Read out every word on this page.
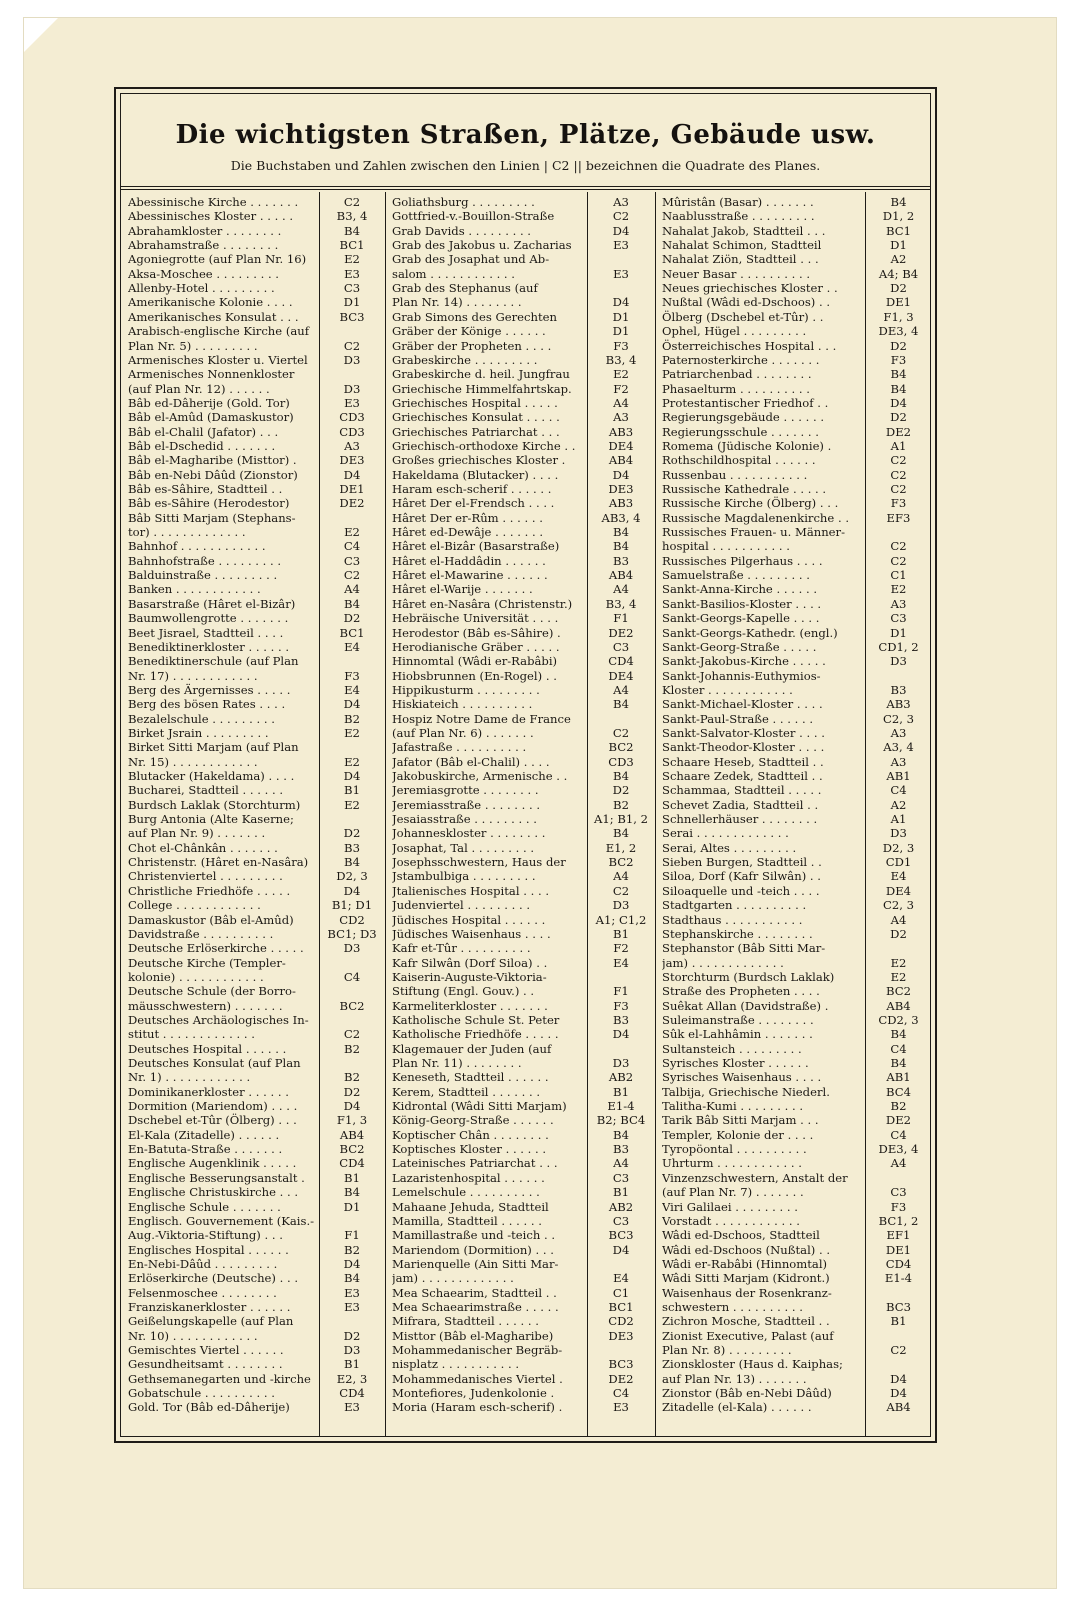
Die wichtigsten Straßen, Plätze, Gebäude usw.
Die Buchstaben und Zahlen zwischen den Linien | C2 || bezeichnen die Quadrate des Planes.
Abessinische Kirche . . . . . . .	C2
Abessinisches Kloster . . . . .	B3, 4
Abrahamkloster . . . . . . . .	B4
Abrahamstraße . . . . . . . .	BC1
Agoniegrotte (auf Plan Nr. 16)	E2
Aksa-Moschee . . . . . . . . .	E3
Allenby-Hotel . . . . . . . . .	C3
Amerikanische Kolonie . . . .	D1
Amerikanisches Konsulat . . .	BC3
Arabisch-englische Kirche (auf
Plan Nr. 5) . . . . . . . . .	C2
Armenisches Kloster u. Viertel	D3
Armenisches Nonnenkloster
(auf Plan Nr. 12) . . . . . .	D3
Bâb ed-Dâherije (Gold. Tor)	E3
Bâb el-Amûd (Damaskustor)	CD3
Bâb el-Chalil (Jafator) . . .	CD3
Bâb el-Dschedid . . . . . . .	A3
Bâb el-Magharibe (Misttor) .	DE3
Bâb en-Nebi Dâûd (Zionstor)	D4
Bâb es-Sâhire, Stadtteil . .	DE1
Bâb es-Sâhire (Herodestor)	DE2
Bâb Sitti Marjam (Stephans-
tor) . . . . . . . . . . . . .	E2
Bahnhof . . . . . . . . . . . .	C4
Bahnhofstraße . . . . . . . . .	C3
Balduinstraße . . . . . . . . .	C2
Banken . . . . . . . . . . . .	A4
Basarstraße (Hâret el-Bizâr)	B4
Baumwollengrotte . . . . . . .	D2
Beet Jisrael, Stadtteil . . . .	BC1
Benediktinerkloster . . . . . .	E4
Benediktinerschule (auf Plan
Nr. 17) . . . . . . . . . . . .	F3
Berg des Ärgernisses . . . . .	E4
Berg des bösen Rates . . . .	D4
Bezalelschule . . . . . . . . .	B2
Birket Jsrain . . . . . . . . .	E2
Birket Sitti Marjam (auf Plan
Nr. 15) . . . . . . . . . . . .	E2
Blutacker (Hakeldama) . . . .	D4
Bucharei, Stadtteil . . . . . .	B1
Burdsch Laklak (Storchturm)	E2
Burg Antonia (Alte Kaserne;
auf Plan Nr. 9) . . . . . . .	D2
Chot el-Chânkân . . . . . . .	B3
Christenstr. (Hâret en-Nasâra)	B4
Christenviertel . . . . . . . . .	D2, 3
Christliche Friedhöfe . . . . .	D4
College . . . . . . . . . . . .	B1; D1
Damaskustor (Bâb el-Amûd)	CD2
Davidstraße . . . . . . . . . .	BC1; D3
Deutsche Erlöserkirche . . . . .	D3
Deutsche Kirche (Templer-
kolonie) . . . . . . . . . . . .	C4
Deutsche Schule (der Borro-
mäusschwestern) . . . . . . .	BC2
Deutsches Archäologisches In-
stitut . . . . . . . . . . . . .	C2
Deutsches Hospital . . . . . .	B2
Deutsches Konsulat (auf Plan
Nr. 1) . . . . . . . . . . . .	B2
Dominikanerkloster . . . . . .	D2
Dormition (Mariendom) . . . .	D4
Dschebel et-Tûr (Ölberg) . . .	F1, 3
El-Kala (Zitadelle) . . . . . .	AB4
En-Batuta-Straße . . . . . . .	BC2
Englische Augenklinik . . . . .	CD4
Englische Besserungsanstalt .	B1
Englische Christuskirche . . .	B4
Englische Schule . . . . . . .	D1
Englisch. Gouvernement (Kais.-
Aug.-Viktoria-Stiftung) . . .	F1
Englisches Hospital . . . . . .	B2
En-Nebi-Dâûd . . . . . . . . .	D4
Erlöserkirche (Deutsche) . . .	B4
Felsenmoschee . . . . . . . .	E3
Franziskanerkloster . . . . . .	E3
Geißelungskapelle (auf Plan
Nr. 10) . . . . . . . . . . . .	D2
Gemischtes Viertel . . . . . .	D3
Gesundheitsamt . . . . . . . .	B1
Gethsemanegarten und -kirche	E2, 3
Gobatschule . . . . . . . . . .	CD4
Gold. Tor (Bâb ed-Dâherije)	E3
Goliathsburg . . . . . . . . .	A3
Gottfried-v.-Bouillon-Straße	C2
Grab Davids . . . . . . . . .	D4
Grab des Jakobus u. Zacharias	E3
Grab des Josaphat und Ab-
salom . . . . . . . . . . . .	E3
Grab des Stephanus (auf
Plan Nr. 14) . . . . . . . .	D4
Grab Simons des Gerechten	D1
Gräber der Könige . . . . . .	D1
Gräber der Propheten . . . .	F3
Grabeskirche . . . . . . . . .	B3, 4
Grabeskirche d. heil. Jungfrau	E2
Griechische Himmelfahrtskap.	F2
Griechisches Hospital . . . . .	A4
Griechisches Konsulat . . . . .	A3
Griechisches Patriarchat . . .	AB3
Griechisch-orthodoxe Kirche . .	DE4
Großes griechisches Kloster .	AB4
Hakeldama (Blutacker) . . . .	D4
Haram esch-scherif . . . . . .	DE3
Hâret Der el-Frendsch . . . .	AB3
Hâret Der er-Rûm . . . . . .	AB3, 4
Hâret ed-Dewâje . . . . . . .	B4
Hâret el-Bizâr (Basarstraße)	B4
Hâret el-Haddâdin . . . . . .	B3
Hâret el-Mawarine . . . . . .	AB4
Hâret el-Warije . . . . . . .	A4
Hâret en-Nasâra (Christenstr.)	B3, 4
Hebräische Universität . . . .	F1
Herodestor (Bâb es-Sâhire) .	DE2
Herodianische Gräber . . . . .	C3
Hinnomtal (Wâdi er-Rabâbi)	CD4
Hiobsbrunnen (En-Rogel) . .	DE4
Hippikusturm . . . . . . . . .	A4
Hiskiateich . . . . . . . . . .	B4
Hospiz Notre Dame de France
(auf Plan Nr. 6) . . . . . . .	C2
Jafastraße . . . . . . . . . .	BC2
Jafator (Bâb el-Chalil) . . . .	CD3
Jakobuskirche, Armenische . .	B4
Jeremiasgrotte . . . . . . . .	D2
Jeremiasstraße . . . . . . . .	B2
Jesaiasstraße . . . . . . . . .	A1; B1, 2
Johanneskloster . . . . . . . .	B4
Josaphat, Tal . . . . . . . . .	E1, 2
Josephsschwestern, Haus der	BC2
Jstambulbiga . . . . . . . . .	A4
Jtalienisches Hospital . . . .	C2
Judenviertel . . . . . . . . .	D3
Jüdisches Hospital . . . . . .	A1; C1,2
Jüdisches Waisenhaus . . . .	B1
Kafr et-Tûr . . . . . . . . . .	F2
Kafr Silwân (Dorf Siloa) . .	E4
Kaiserin-Auguste-Viktoria-
Stiftung (Engl. Gouv.) . .	F1
Karmeliterkloster . . . . . . .	F3
Katholische Schule St. Peter	B3
Katholische Friedhöfe . . . . .	D4
Klagemauer der Juden (auf
Plan Nr. 11) . . . . . . . .	D3
Keneseth, Stadtteil . . . . . .	AB2
Kerem, Stadtteil . . . . . . .	B1
Kidrontal (Wâdi Sitti Marjam)	E1-4
König-Georg-Straße . . . . . .	B2; BC4
Koptischer Chân . . . . . . . .	B4
Koptisches Kloster . . . . . .	B3
Lateinisches Patriarchat . . .	A4
Lazaristenhospital . . . . . .	C3
Lemelschule . . . . . . . . . .	B1
Mahaane Jehuda, Stadtteil	AB2
Mamilla, Stadtteil . . . . . .	C3
Mamillastraße und -teich . .	BC3
Mariendom (Dormition) . . .	D4
Marienquelle (Ain Sitti Mar-
jam) . . . . . . . . . . . . .	E4
Mea Schaearim, Stadtteil . .	C1
Mea Schaearimstraße . . . . .	BC1
Mifrara, Stadtteil . . . . . .	CD2
Misttor (Bâb el-Magharibe)	DE3
Mohammedanischer Begräb-
nisplatz . . . . . . . . . . .	BC3
Mohammedanisches Viertel .	DE2
Montefiores, Judenkolonie .	C4
Moria (Haram esch-scherif) .	E3
Mûristân (Basar) . . . . . . .	B4
Naablusstraße . . . . . . . . .	D1, 2
Nahalat Jakob, Stadtteil . . .	BC1
Nahalat Schimon, Stadtteil	D1
Nahalat Ziön, Stadtteil . . .	A2
Neuer Basar . . . . . . . . . .	A4; B4
Neues griechisches Kloster . .	D2
Nußtal (Wâdi ed-Dschoos) . .	DE1
Ölberg (Dschebel et-Tûr) . .	F1, 3
Ophel, Hügel . . . . . . . . .	DE3, 4
Österreichisches Hospital . . .	D2
Paternosterkirche . . . . . . .	F3
Patriarchenbad . . . . . . . .	B4
Phasaelturm . . . . . . . . . .	B4
Protestantischer Friedhof . .	D4
Regierungsgebäude . . . . . .	D2
Regierungsschule . . . . . . .	DE2
Romema (Jüdische Kolonie) .	A1
Rothschildhospital . . . . . .	C2
Russenbau . . . . . . . . . . .	C2
Russische Kathedrale . . . . .	C2
Russische Kirche (Ölberg) . . .	F3
Russische Magdalenenkirche . .	EF3
Russisches Frauen- u. Männer-
hospital . . . . . . . . . . .	C2
Russisches Pilgerhaus . . . .	C2
Samuelstraße . . . . . . . . .	C1
Sankt-Anna-Kirche . . . . . .	E2
Sankt-Basilios-Kloster . . . .	A3
Sankt-Georgs-Kapelle . . . .	C3
Sankt-Georgs-Kathedr. (engl.)	D1
Sankt-Georg-Straße . . . . .	CD1, 2
Sankt-Jakobus-Kirche . . . . .	D3
Sankt-Johannis-Euthymios-
Kloster . . . . . . . . . . . .	B3
Sankt-Michael-Kloster . . . .	AB3
Sankt-Paul-Straße . . . . . .	C2, 3
Sankt-Salvator-Kloster . . . .	A3
Sankt-Theodor-Kloster . . . .	A3, 4
Schaare Heseb, Stadtteil . .	A3
Schaare Zedek, Stadtteil . .	AB1
Schammaa, Stadtteil . . . . .	C4
Schevet Zadia, Stadtteil . .	A2
Schnellerhäuser . . . . . . . .	A1
Serai . . . . . . . . . . . . .	D3
Serai, Altes . . . . . . . . .	D2, 3
Sieben Burgen, Stadtteil . .	CD1
Siloa, Dorf (Kafr Silwân) . .	E4
Siloaquelle und -teich . . . .	DE4
Stadtgarten . . . . . . . . . .	C2, 3
Stadthaus . . . . . . . . . . .	A4
Stephanskirche . . . . . . . .	D2
Stephanstor (Bâb Sitti Mar-
jam) . . . . . . . . . . . . .	E2
Storchturm (Burdsch Laklak)	E2
Straße des Propheten . . . .	BC2
Suêkat Allan (Davidstraße) .	AB4
Suleimanstraße . . . . . . . .	CD2, 3
Sûk el-Lahhâmin . . . . . . .	B4
Sultansteich . . . . . . . . .	C4
Syrisches Kloster . . . . . .	B4
Syrisches Waisenhaus . . . .	AB1
Talbija, Griechische Niederl.	BC4
Talitha-Kumi . . . . . . . . .	B2
Tarik Bâb Sitti Marjam . . .	DE2
Templer, Kolonie der . . . .	C4
Tyropöontal . . . . . . . . . .	DE3, 4
Uhrturm . . . . . . . . . . . .	A4
Vinzenzschwestern, Anstalt der
(auf Plan Nr. 7) . . . . . . .	C3
Viri Galilaei . . . . . . . . .	F3
Vorstadt . . . . . . . . . . . .	BC1, 2
Wâdi ed-Dschoos, Stadtteil	EF1
Wâdi ed-Dschoos (Nußtal) . .	DE1
Wâdi er-Rabâbi (Hinnomtal)	CD4
Wâdi Sitti Marjam (Kidront.)	E1-4
Waisenhaus der Rosenkranz-
schwestern . . . . . . . . . .	BC3
Zichron Mosche, Stadtteil . .	B1
Zionist Executive, Palast (auf
Plan Nr. 8) . . . . . . . . .	C2
Zionskloster (Haus d. Kaiphas;
auf Plan Nr. 13) . . . . . . .	D4
Zionstor (Bâb en-Nebi Dâûd)	D4
Zitadelle (el-Kala) . . . . . .	AB4
